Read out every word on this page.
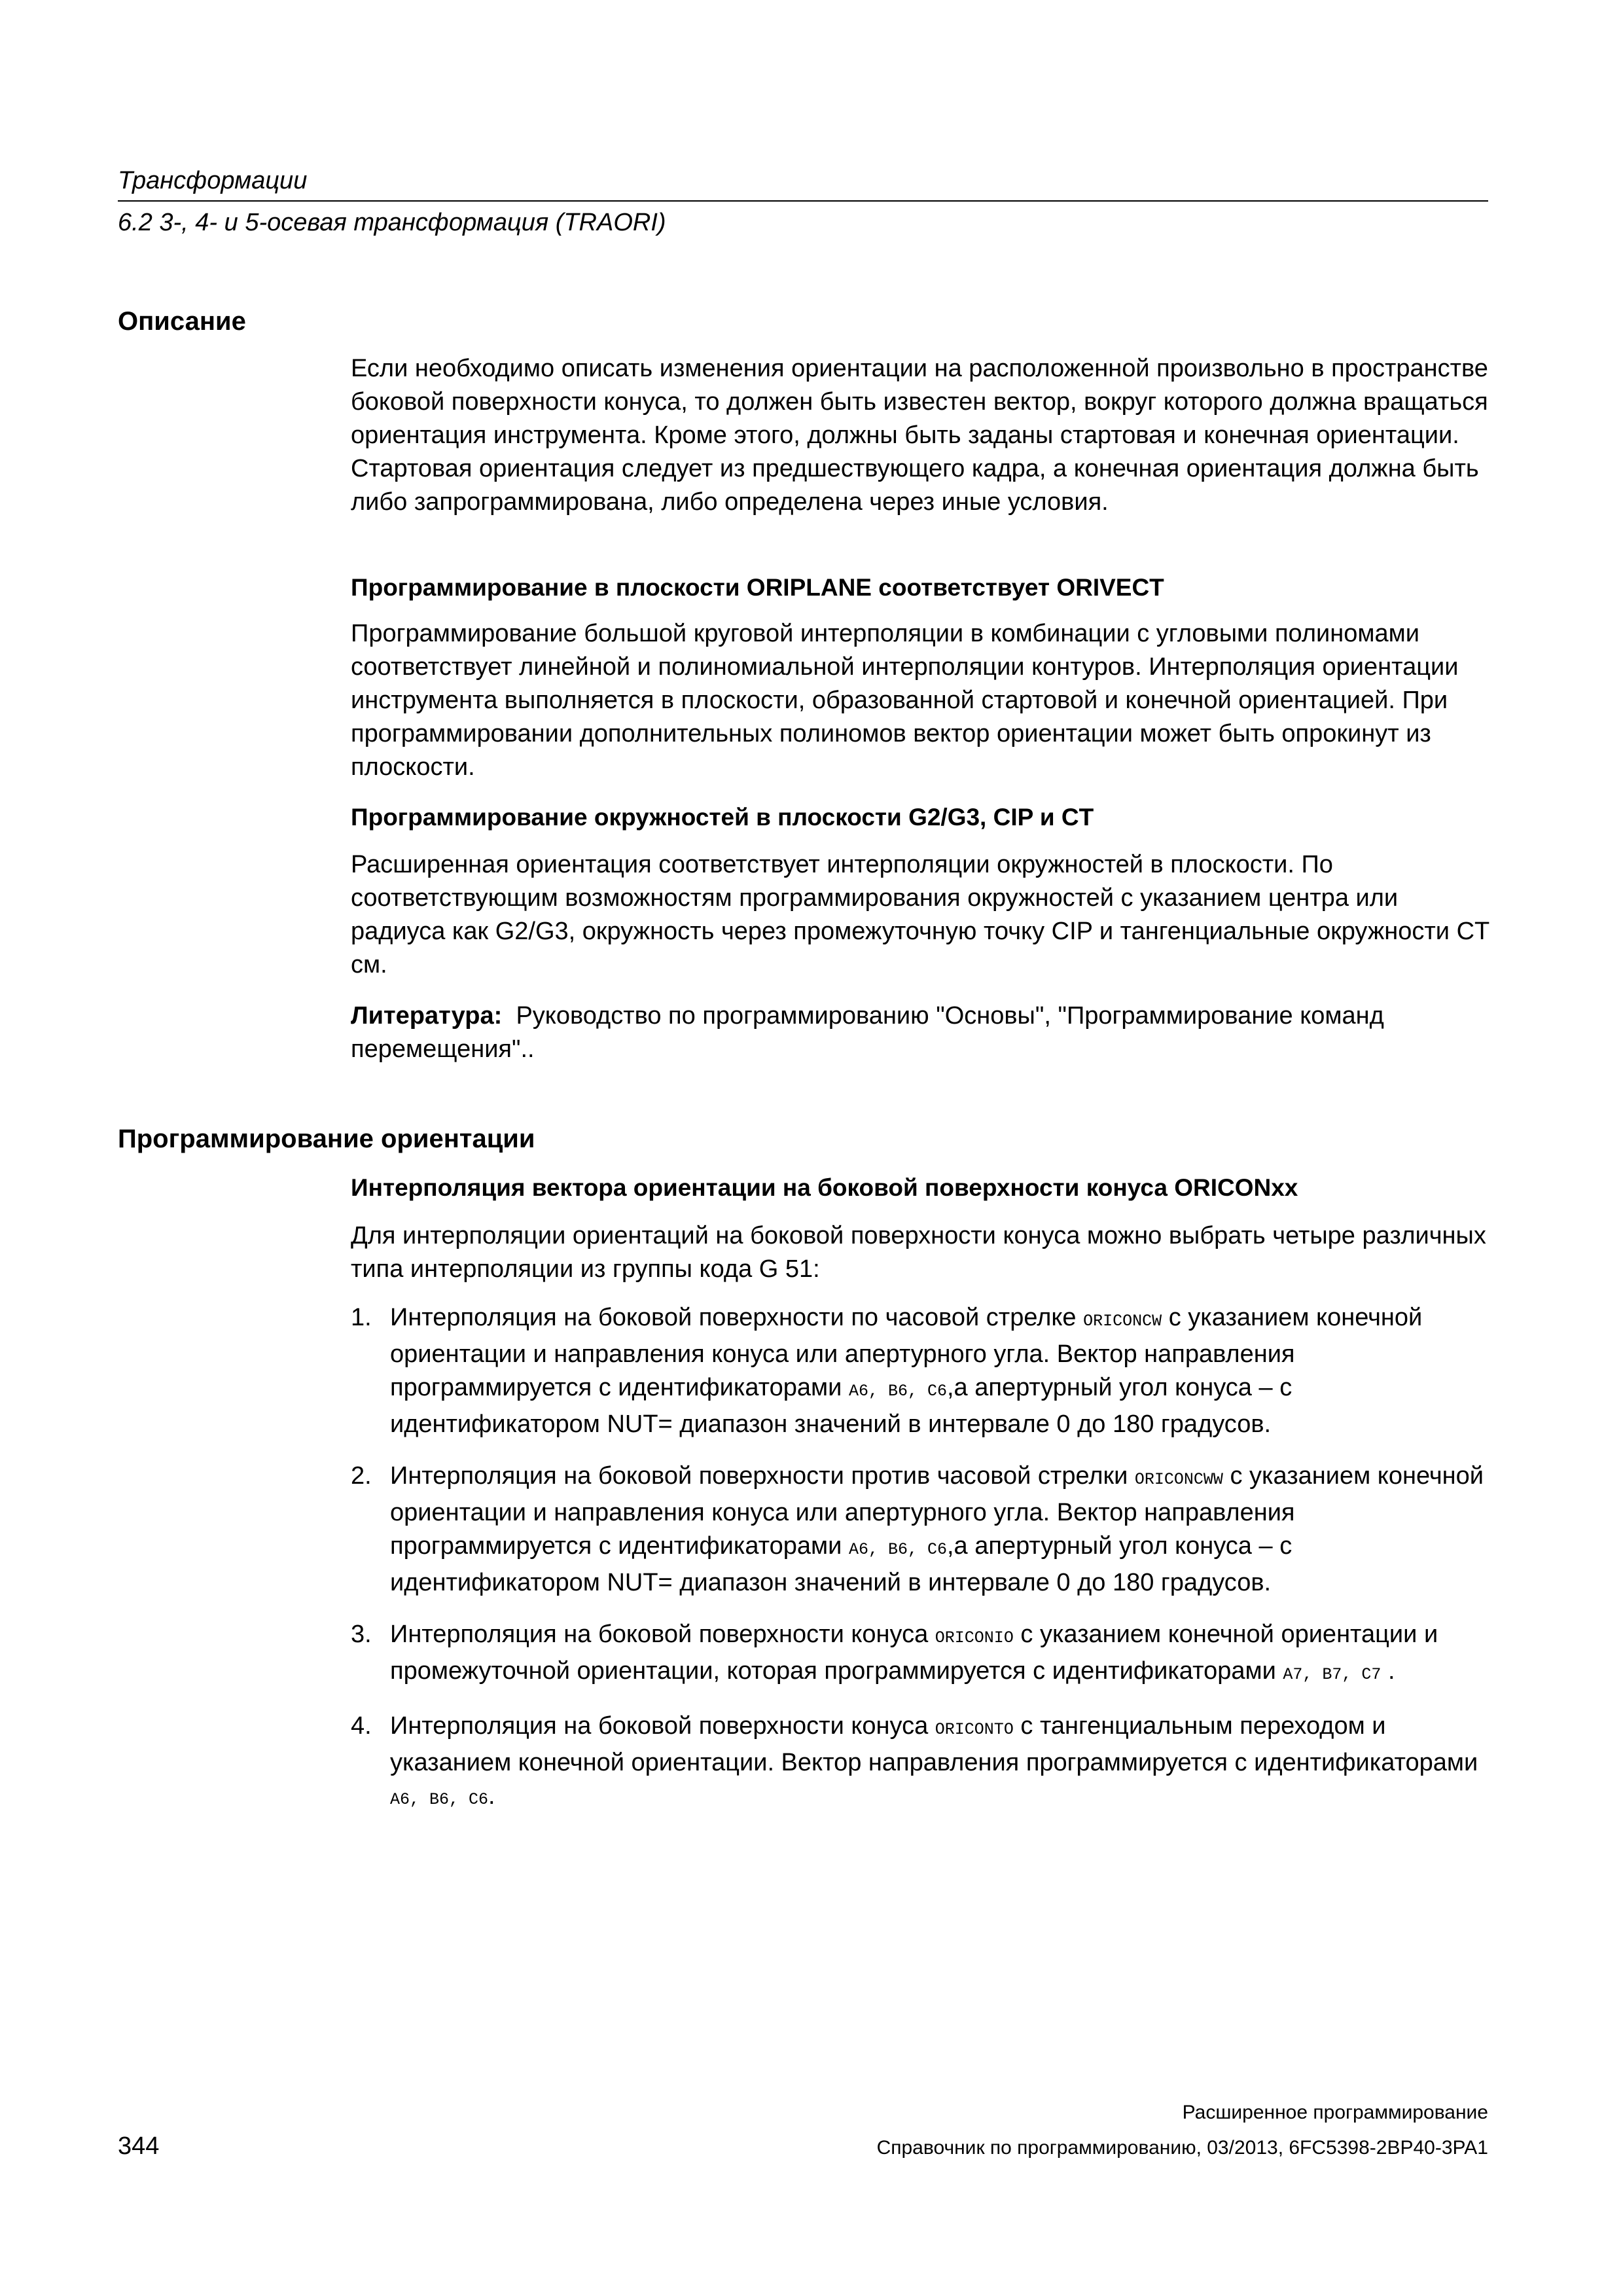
Трансформации
6.2 3-, 4- и 5-осевая трансформация (TRAORI)
Описание

Если необходимо описать изменения ориентации на расположенной произвольно в пространстве боковой поверхности конуса, то должен быть известен вектор, вокруг которого должна вращаться ориентация инструмента. Кроме этого, должны быть заданы стартовая и конечная ориентации. Стартовая ориентация следует из предшествующего кадра, а конечная ориентация должна быть либо запрограммирована, либо определена через иные условия.

Программирование в плоскости ORIPLANE соответствует ORIVECT

Программирование большой круговой интерполяции в комбинации с угловыми полиномами соответствует линейной и полиномиальной интерполяции контуров. Интерполяция ориентации инструмента выполняется в плоскости, образованной стартовой и конечной ориентацией. При программировании дополнительных полиномов вектор ориентации может быть опрокинут из плоскости.

Программирование окружностей в плоскости G2/G3, CIP и CT

Расширенная ориентация соответствует интерполяции окружностей в плоскости. По соответствующим возможностям программирования окружностей с указанием центра или радиуса как G2/G3, окружность через промежуточную точку CIP и тангенциальные окружности CT см.

Литература: Руководство по программированию "Основы", "Программирование команд перемещения"..

Программирование ориентации
Интерполяция вектора ориентации на боковой поверхности конуса ORICONxx

Для интерполяции ориентаций на боковой поверхности конуса можно выбрать четыре различных типа интерполяции из группы кода G 51:

1. Интерполяция на боковой поверхности по часовой стрелке ORICONCW с указанием конечной ориентации и направления конуса или апертурного угла. Вектор направления программируется с идентификаторами A6, B6, C6,а апертурный угол конуса – с идентификатором NUT= диапазон значений в интервале 0 до 180 градусов.
2. Интерполяция на боковой поверхности против часовой стрелки ORICONCWW с указанием конечной ориентации и направления конуса или апертурного угла. Вектор направления программируется с идентификаторами A6, B6, C6,а апертурный угол конуса – с идентификатором NUT= диапазон значений в интервале 0 до 180 градусов.
3. Интерполяция на боковой поверхности конуса ORICONIO с указанием конечной ориентации и промежуточной ориентации, которая программируется с идентификаторами A7, B7, C7 .
4. Интерполяция на боковой поверхности конуса ORICONTO с тангенциальным переходом и указанием конечной ориентации. Вектор направления программируется с идентификаторами A6, B6, C6.
Расширенное программирование
344	Справочник по программированию, 03/2013, 6FC5398-2BP40-3PA1
